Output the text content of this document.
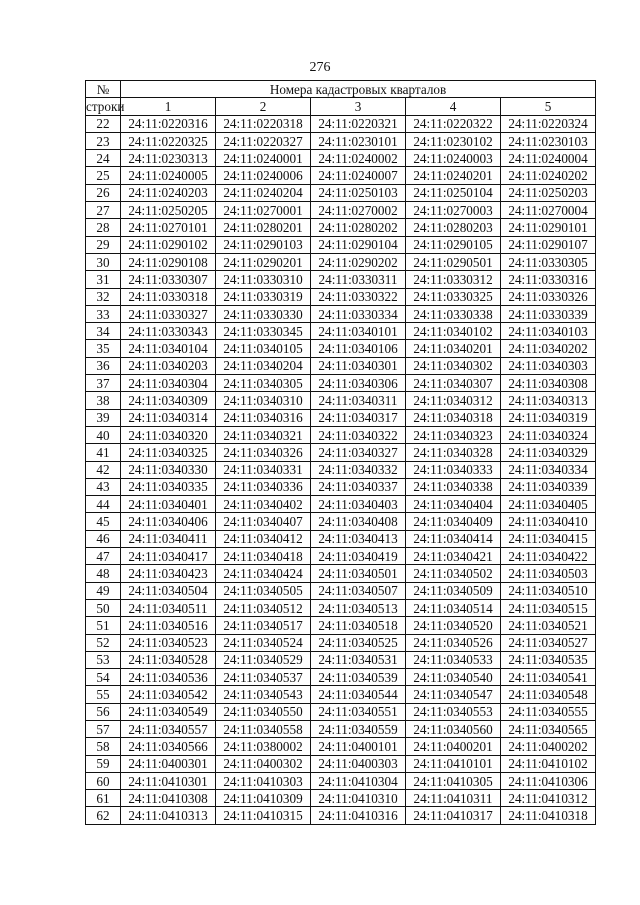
276
№	Номера кадастровых кварталов				
строки	1	2	3	4	5
22	24:11:0220316	24:11:0220318	24:11:0220321	24:11:0220322	24:11:0220324
23	24:11:0220325	24:11:0220327	24:11:0230101	24:11:0230102	24:11:0230103
24	24:11:0230313	24:11:0240001	24:11:0240002	24:11:0240003	24:11:0240004
25	24:11:0240005	24:11:0240006	24:11:0240007	24:11:0240201	24:11:0240202
26	24:11:0240203	24:11:0240204	24:11:0250103	24:11:0250104	24:11:0250203
27	24:11:0250205	24:11:0270001	24:11:0270002	24:11:0270003	24:11:0270004
28	24:11:0270101	24:11:0280201	24:11:0280202	24:11:0280203	24:11:0290101
29	24:11:0290102	24:11:0290103	24:11:0290104	24:11:0290105	24:11:0290107
30	24:11:0290108	24:11:0290201	24:11:0290202	24:11:0290501	24:11:0330305
31	24:11:0330307	24:11:0330310	24:11:0330311	24:11:0330312	24:11:0330316
32	24:11:0330318	24:11:0330319	24:11:0330322	24:11:0330325	24:11:0330326
33	24:11:0330327	24:11:0330330	24:11:0330334	24:11:0330338	24:11:0330339
34	24:11:0330343	24:11:0330345	24:11:0340101	24:11:0340102	24:11:0340103
35	24:11:0340104	24:11:0340105	24:11:0340106	24:11:0340201	24:11:0340202
36	24:11:0340203	24:11:0340204	24:11:0340301	24:11:0340302	24:11:0340303
37	24:11:0340304	24:11:0340305	24:11:0340306	24:11:0340307	24:11:0340308
38	24:11:0340309	24:11:0340310	24:11:0340311	24:11:0340312	24:11:0340313
39	24:11:0340314	24:11:0340316	24:11:0340317	24:11:0340318	24:11:0340319
40	24:11:0340320	24:11:0340321	24:11:0340322	24:11:0340323	24:11:0340324
41	24:11:0340325	24:11:0340326	24:11:0340327	24:11:0340328	24:11:0340329
42	24:11:0340330	24:11:0340331	24:11:0340332	24:11:0340333	24:11:0340334
43	24:11:0340335	24:11:0340336	24:11:0340337	24:11:0340338	24:11:0340339
44	24:11:0340401	24:11:0340402	24:11:0340403	24:11:0340404	24:11:0340405
45	24:11:0340406	24:11:0340407	24:11:0340408	24:11:0340409	24:11:0340410
46	24:11:0340411	24:11:0340412	24:11:0340413	24:11:0340414	24:11:0340415
47	24:11:0340417	24:11:0340418	24:11:0340419	24:11:0340421	24:11:0340422
48	24:11:0340423	24:11:0340424	24:11:0340501	24:11:0340502	24:11:0340503
49	24:11:0340504	24:11:0340505	24:11:0340507	24:11:0340509	24:11:0340510
50	24:11:0340511	24:11:0340512	24:11:0340513	24:11:0340514	24:11:0340515
51	24:11:0340516	24:11:0340517	24:11:0340518	24:11:0340520	24:11:0340521
52	24:11:0340523	24:11:0340524	24:11:0340525	24:11:0340526	24:11:0340527
53	24:11:0340528	24:11:0340529	24:11:0340531	24:11:0340533	24:11:0340535
54	24:11:0340536	24:11:0340537	24:11:0340539	24:11:0340540	24:11:0340541
55	24:11:0340542	24:11:0340543	24:11:0340544	24:11:0340547	24:11:0340548
56	24:11:0340549	24:11:0340550	24:11:0340551	24:11:0340553	24:11:0340555
57	24:11:0340557	24:11:0340558	24:11:0340559	24:11:0340560	24:11:0340565
58	24:11:0340566	24:11:0380002	24:11:0400101	24:11:0400201	24:11:0400202
59	24:11:0400301	24:11:0400302	24:11:0400303	24:11:0410101	24:11:0410102
60	24:11:0410301	24:11:0410303	24:11:0410304	24:11:0410305	24:11:0410306
61	24:11:0410308	24:11:0410309	24:11:0410310	24:11:0410311	24:11:0410312
62	24:11:0410313	24:11:0410315	24:11:0410316	24:11:0410317	24:11:0410318
